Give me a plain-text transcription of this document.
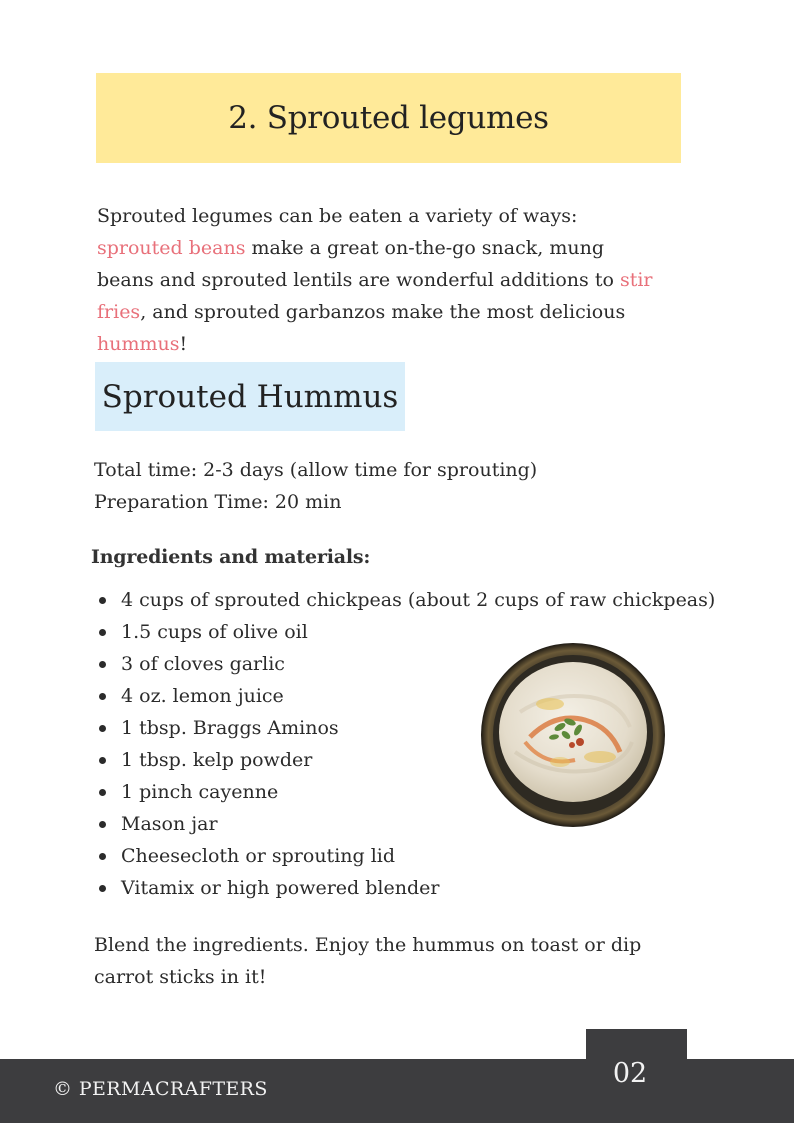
2. Sprouted legumes

Sprouted legumes can be eaten a variety of ways: sprouted beans make a great on-the-go snack, mung beans and sprouted lentils are wonderful additions to stir fries, and sprouted garbanzos make the most delicious hummus!

Sprouted Hummus
Total time: 2-3 days (allow time for sprouting)
Preparation Time: 20 min
Ingredients and materials:
4 cups of sprouted chickpeas (about 2 cups of raw chickpeas)
1.5 cups of olive oil
3 of cloves garlic
4 oz. lemon juice
1 tbsp. Braggs Aminos
1 tbsp. kelp powder
1 pinch cayenne
Mason jar
Cheesecloth or sprouting lid
Vitamix or high powered blender

Blend the ingredients. Enjoy the hummus on toast or dip carrot sticks in it!

© PERMACRAFTERS	02
